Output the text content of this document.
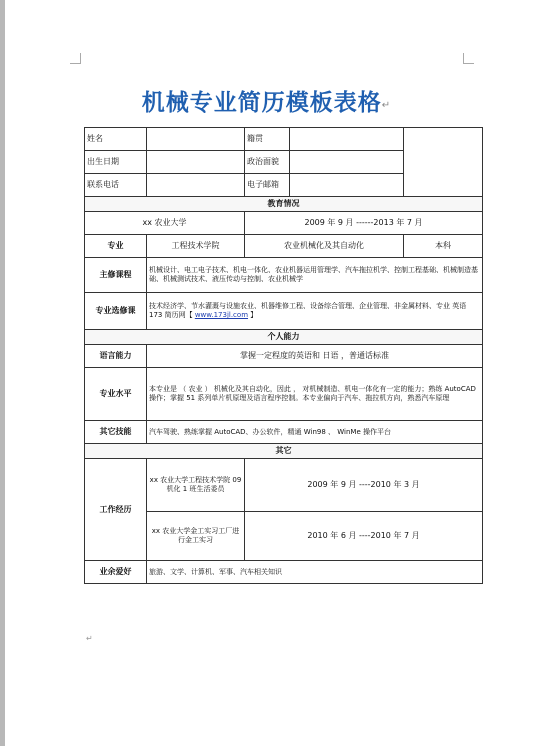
机械专业简历模板表格↵
姓名		籍贯		
出生日期		政治面貌		
联系电话		电子邮箱		
教育情况				
xx 农业大学		2009 年 9 月 ------2013 年 7 月		
专业	工程技术学院	农业机械化及其自动化		本科
主修课程	机械设计、电工电子技术、机电一体化、农业机器运用管理学、汽车拖拉机学、控制工程基础、机械制造基础、机械测试技术、液压传动与控制、农业机械学			
专业选修课	技术经济学、节水灌溉与设施农业、机器维修工程、设备综合管理、企业管理、非金属材料、专业 英语 173 简历网【 www.173jl.com 】			
个人能力				
语言能力	掌握一定程度的英语和 日语 ，普通话标准			
专业水平	本专业是 （ 农业 ） 机械化及其自动化，因此 ， 对机械制造、机电一体化有一定的能力；熟练 AutoCAD 操作；掌握 51 系列单片机原理及语言程序控制。本专业偏向于汽车、拖拉机方向，熟悉汽车原理			
其它技能	汽车驾驶、熟练掌握 AutoCAD、办公软件，精通 Win98 、 WinMe 操作平台			
其它				
工作经历	xx 农业大学工程技术学院 09 机化 1 班生活委员	2009 年 9 月 ----2010 年 3 月		
	xx 农业大学金工实习工厂进行金工实习	2010 年 6 月 ----2010 年 7 月		
业余爱好	旅游、文学、计算机、军事、汽车相关知识			
↵
